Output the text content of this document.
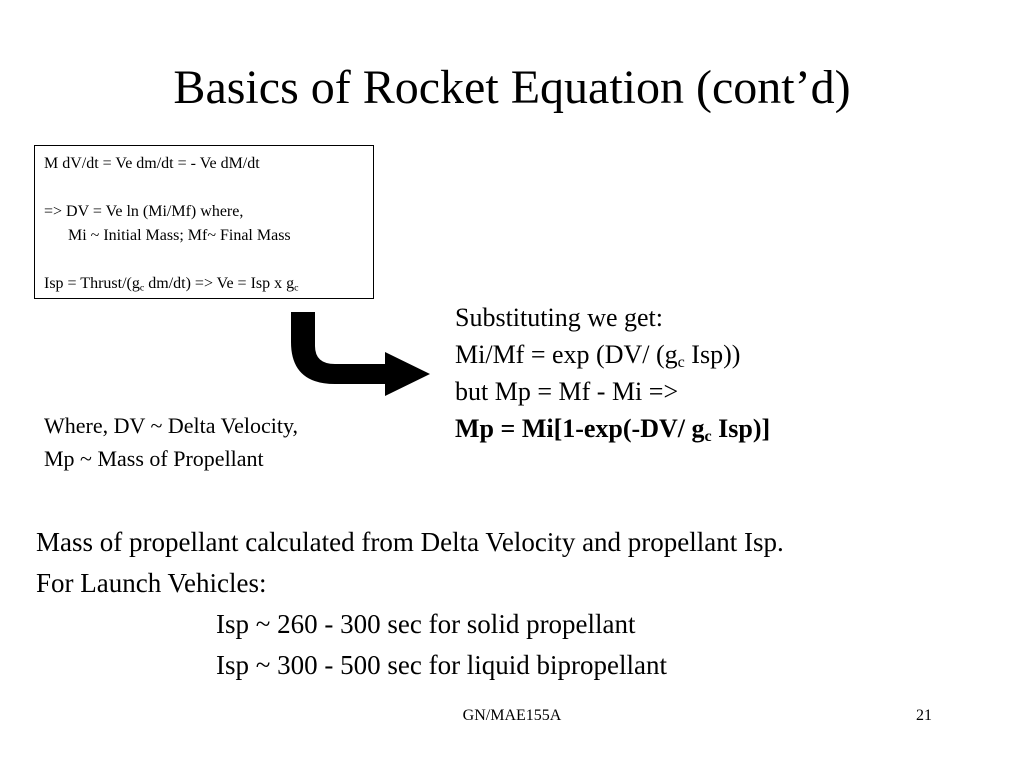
Basics of Rocket Equation (cont’d)
M dV/dt = Ve dm/dt = - Ve dM/dt
=> DV = Ve ln (Mi/Mf) where,
Mi ~ Initial Mass; Mf~ Final Mass
Isp = Thrust/($g_c$ dm/dt) => Ve = Isp x $g_c$
Substituting we get:
Mi/Mf = exp (DV/ ($g_c$ Isp))
but Mp = Mf - Mi =>
Mp = Mi[1-exp(-DV/ $g_c$ Isp)]
Where, DV ~ Delta Velocity,
Mp ~ Mass of Propellant
Mass of propellant calculated from Delta Velocity and propellant Isp.
For Launch Vehicles:
Isp ~ 260 - 300 sec for solid propellant
Isp ~ 300 - 500 sec for liquid bipropellant
GN/MAE155A	21
